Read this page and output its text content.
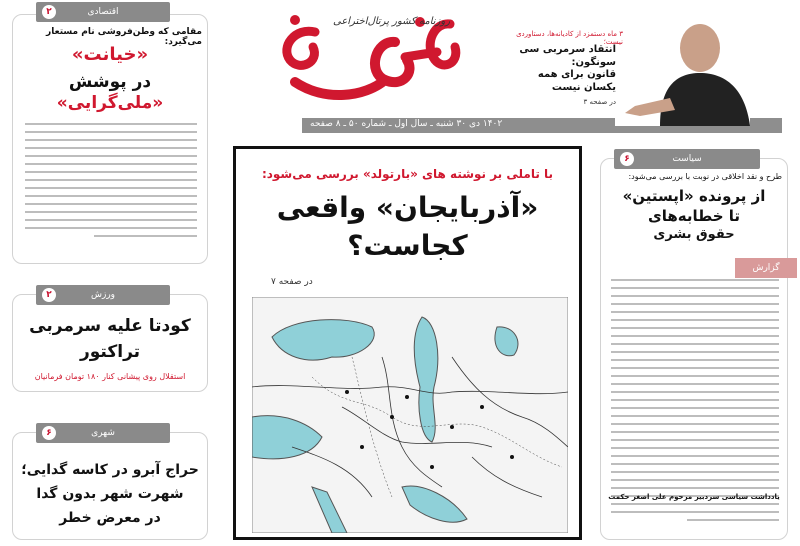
روزنامه کشور پرتال‌اختراعی
۱۴۰۲ دی ۳۰ شنبه ـ سال اول ـ شماره ۵۰ ـ ۸ صفحه
۳ ماه دستمزد از کادیانه‌ها، دستاوردی نیست؛
انتقاد سرمربی سی سونگون:
قانون برای همه
یکسان نیست
در صفحه ۳
اقتصادی
۲
مقامی که وطن‌فروشی نام مستعار می‌گیرد:
«خیانت»
در پوشش «ملی‌گرایی»
ورزش
۲
کودتا علیه سرمربی
تراکتور
استقلال روی پیشانی کنار ۱۸۰ تومان فرمانیان
شهری
۶
حراج آبرو در کاسه گدایی؛
شهرت شهر بدون گدا
در معرض خطر
با تاملی بر نوشته های «بارتولد» بررسی می‌شود:
«آذربایجان» واقعی
کجاست؟
در صفحه ۷
سیاست
۶
طرح و نقد اخلاقی در نوبت با بررسی می‌شود:
از پرونده «اپستین»
تا خطابه‌های
حقوق بشری
گزارش
یادداشت سیاسی سردبیر مرحوم علی اصغر حکمت
